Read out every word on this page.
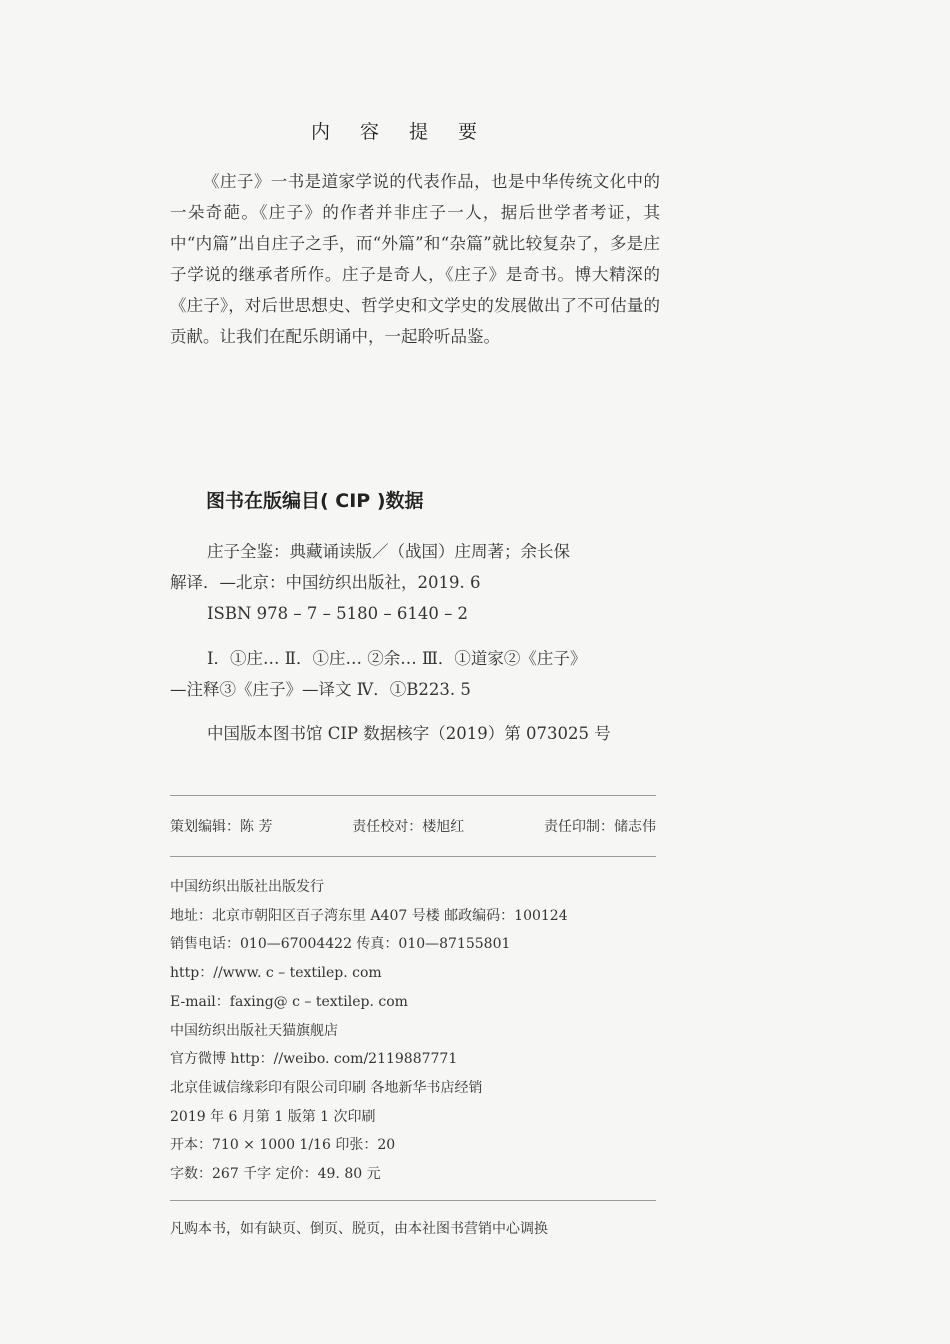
内 容 提 要
《庄子》一书是道家学说的代表作品，也是中华传统文化中的一朵奇葩。《庄子》的作者并非庄子一人，据后世学者考证，其中“内篇”出自庄子之手，而“外篇”和“杂篇”就比较复杂了，多是庄子学说的继承者所作。庄子是奇人，《庄子》是奇书。博大精深的《庄子》，对后世思想史、哲学史和文学史的发展做出了不可估量的贡献。让我们在配乐朗诵中，一起聆听品鉴。
图书在版编目( CIP )数据
庄子全鉴：典藏诵读版／（战国）庄周著；余长保
解译．—北京：中国纺织出版社，2019. 6
ISBN 978 – 7 – 5180 – 6140 – 2
Ⅰ．①庄… Ⅱ．①庄… ②余… Ⅲ．①道家②《庄子》
—注释③《庄子》—译文 Ⅳ．①B223. 5
中国版本图书馆 CIP 数据核字（2019）第 073025 号
策划编辑：陈 芳	责任校对：楼旭红	责任印制：储志伟
中国纺织出版社出版发行
地址：北京市朝阳区百子湾东里 A407 号楼 邮政编码：100124
销售电话：010—67004422 传真：010—87155801
http：//www. c – textilep. com
E-mail：faxing@ c – textilep. com
中国纺织出版社天猫旗舰店
官方微博 http：//weibo. com/2119887771
北京佳诚信缘彩印有限公司印刷 各地新华书店经销
2019 年 6 月第 1 版第 1 次印刷
开本：710 × 1000 1/16 印张：20
字数：267 千字 定价：49. 80 元
凡购本书，如有缺页、倒页、脱页，由本社图书营销中心调换
